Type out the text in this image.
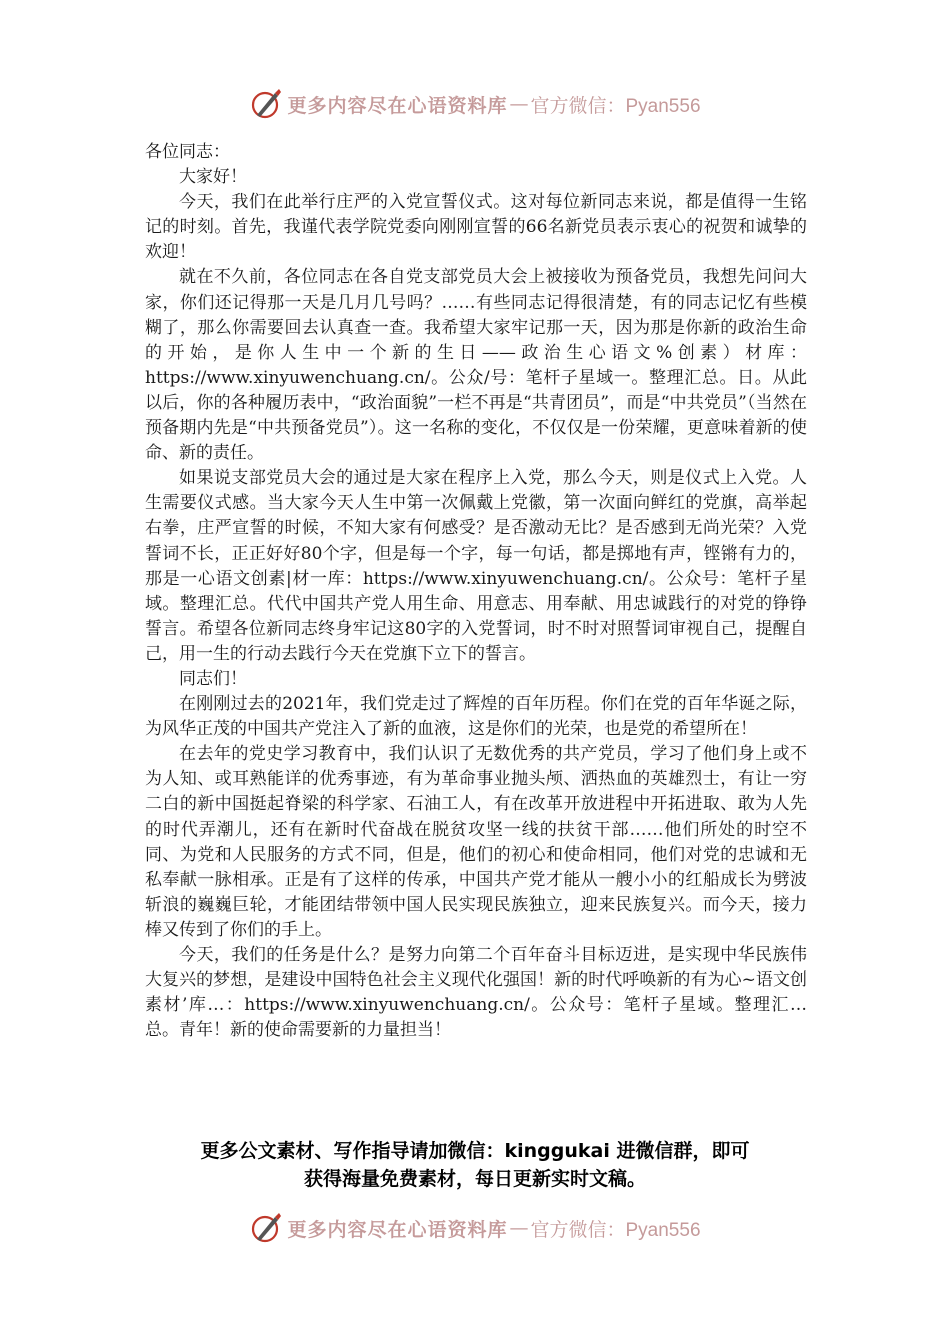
更多内容尽在心语资料库 — 官方微信：Pyan556

各位同志：

大家好！

今天，我们在此举行庄严的入党宣誓仪式。这对每位新同志来说，都是值得一生铭记的时刻。首先，我谨代表学院党委向刚刚宣誓的66名新党员表示衷心的祝贺和诚挚的欢迎！

就在不久前，各位同志在各自党支部党员大会上被接收为预备党员，我想先问问大家，你们还记得那一天是几月几号吗？……有些同志记得很清楚，有的同志记忆有些模糊了，那么你需要回去认真查一查。我希望大家牢记那一天，因为那是你新的政治生命的开始，是你人生中一个新的生日——政治生心语文%创素）材库：https://www.xinyuwenchuang.cn/。公众/号：笔杆子星域一。整理汇总。日。从此以后，你的各种履历表中，“政治面貌”一栏不再是“共青团员”，而是“中共党员”（当然在预备期内先是“中共预备党员”）。这一名称的变化，不仅仅是一份荣耀，更意味着新的使命、新的责任。

如果说支部党员大会的通过是大家在程序上入党，那么今天，则是仪式上入党。人生需要仪式感。当大家今天人生中第一次佩戴上党徽，第一次面向鲜红的党旗，高举起右拳，庄严宣誓的时候，不知大家有何感受？是否激动无比？是否感到无尚光荣？入党誓词不长，正正好好80个字，但是每一个字，每一句话，都是掷地有声，铿锵有力的，那是一心语文创素|材一库：https://www.xinyuwenchuang.cn/。公众号：笔杆子星域。整理汇总。代代中国共产党人用生命、用意志、用奉献、用忠诚践行的对党的铮铮誓言。希望各位新同志终身牢记这80字的入党誓词，时不时对照誓词审视自己，提醒自己，用一生的行动去践行今天在党旗下立下的誓言。

同志们！

在刚刚过去的2021年，我们党走过了辉煌的百年历程。你们在党的百年华诞之际，为风华正茂的中国共产党注入了新的血液，这是你们的光荣，也是党的希望所在！

在去年的党史学习教育中，我们认识了无数优秀的共产党员，学习了他们身上或不为人知、或耳熟能详的优秀事迹，有为革命事业抛头颅、洒热血的英雄烈士，有让一穷二白的新中国挺起脊梁的科学家、石油工人，有在改革开放进程中开拓进取、敢为人先的时代弄潮儿，还有在新时代奋战在脱贫攻坚一线的扶贫干部……他们所处的时空不同、为党和人民服务的方式不同，但是，他们的初心和使命相同，他们对党的忠诚和无私奉献一脉相承。正是有了这样的传承，中国共产党才能从一艘小小的红船成长为劈波斩浪的巍巍巨轮，才能团结带领中国人民实现民族独立，迎来民族复兴。而今天，接力棒又传到了你们的手上。

今天，我们的任务是什么？是努力向第二个百年奋斗目标迈进，是实现中华民族伟大复兴的梦想，是建设中国特色社会主义现代化强国！新的时代呼唤新的有为心~语文创素材’库…：https://www.xinyuwenchuang.cn/。公众号：笔杆子星域。整理汇…总。青年！新的使命需要新的力量担当！

更多公文素材、写作指导请加微信：kinggukai 进微信群，即可
获得海量免费素材，每日更新实时文稿。
更多内容尽在心语资料库 — 官方微信：Pyan556
